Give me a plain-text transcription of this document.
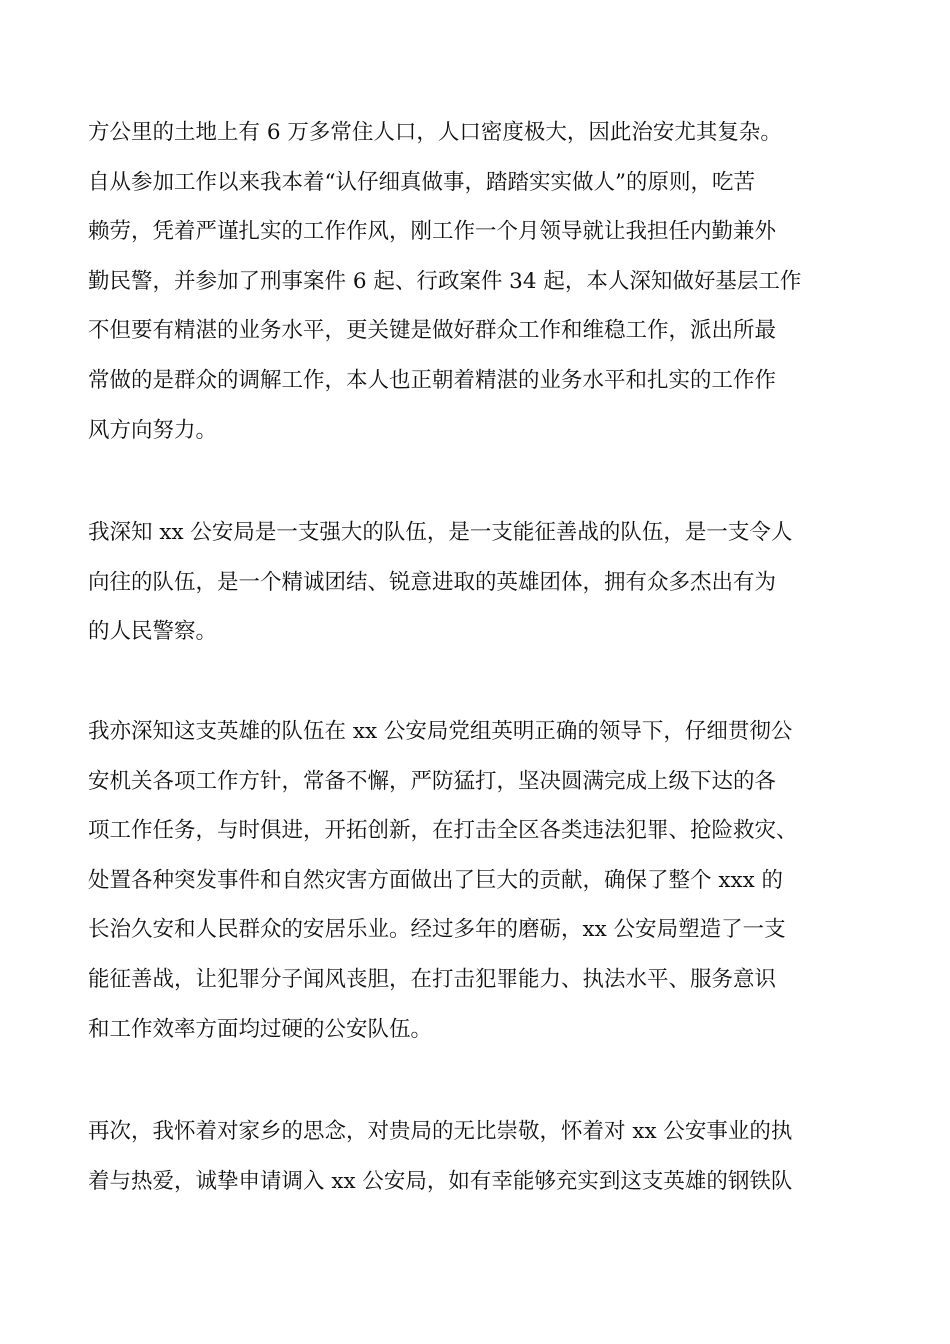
方公里的土地上有 6 万多常住人口，人口密度极大，因此治安尤其复杂。
自从参加工作以来我本着“认仔细真做事，踏踏实实做人”的原则，吃苦
赖劳，凭着严谨扎实的工作作风，刚工作一个月领导就让我担任内勤兼外
勤民警，并参加了刑事案件 6 起、行政案件 34 起，本人深知做好基层工作
不但要有精湛的业务水平，更关键是做好群众工作和维稳工作，派出所最
常做的是群众的调解工作，本人也正朝着精湛的业务水平和扎实的工作作
风方向努力。
我深知 xx 公安局是一支强大的队伍，是一支能征善战的队伍，是一支令人
向往的队伍，是一个精诚团结、锐意进取的英雄团体，拥有众多杰出有为
的人民警察。
我亦深知这支英雄的队伍在 xx 公安局党组英明正确的领导下，仔细贯彻公
安机关各项工作方针，常备不懈，严防猛打，坚决圆满完成上级下达的各
项工作任务，与时俱进，开拓创新，在打击全区各类违法犯罪、抢险救灾、
处置各种突发事件和自然灾害方面做出了巨大的贡献，确保了整个 xxx 的
长治久安和人民群众的安居乐业。经过多年的磨砺，xx 公安局塑造了一支
能征善战，让犯罪分子闻风丧胆，在打击犯罪能力、执法水平、服务意识
和工作效率方面均过硬的公安队伍。
再次，我怀着对家乡的思念，对贵局的无比崇敬，怀着对 xx 公安事业的执
着与热爱，诚挚申请调入 xx 公安局，如有幸能够充实到这支英雄的钢铁队
